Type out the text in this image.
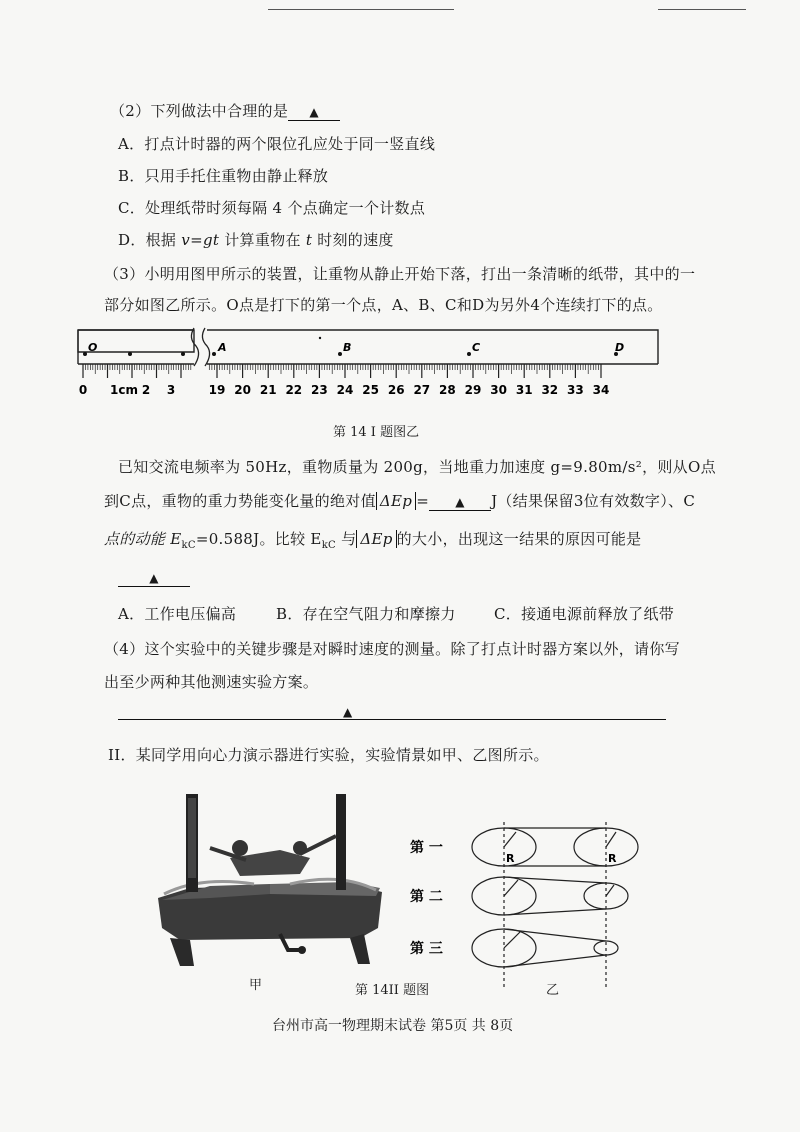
（2）下列做法中合理的是 ▲
A．打点计时器的两个限位孔应处于同一竖直线
B．只用手托住重物由静止释放
C．处理纸带时须每隔 4 个点确定一个计数点
D．根据 v=gt 计算重物在 t 时刻的速度
（3）小明用图甲所示的装置，让重物从静止开始下落，打出一条清晰的纸带，其中的一
部分如图乙所示。O点是打下的第一个点，A、B、C和D为另外4个连续打下的点。
O	A	B	C	D
0 1cm 2 3	19 20 21 22 23 24 25 26 27 28 29 30 31 32 33 34
第 14 I 题图乙
已知交流电频率为 50Hz，重物质量为 200g，当地重力加速度 g=9.80m/s²，则从O点
到C点，重物的重力势能变化量的绝对值 ΔEp = ▲ J（结果保留3位有效数字）、C
点的动能 $E_{kC}=0.588J$。比较 $E_{kC}$ 与 ΔEp 的大小，出现这一结果的原因可能是
▲
A．工作电压偏高	B．存在空气阻力和摩擦力	C．接通电源前释放了纸带
（4）这个实验中的关键步骤是对瞬时速度的测量。除了打点计时器方案以外，请你写
出至少两种其他测速实验方案。
▲
II．某同学用向心力演示器进行实验，实验情景如甲、乙图所示。
甲
第 一
第 二
第 三
R	R
第 14II 题图	乙
台州市高一物理期末试卷 第5页 共 8页
